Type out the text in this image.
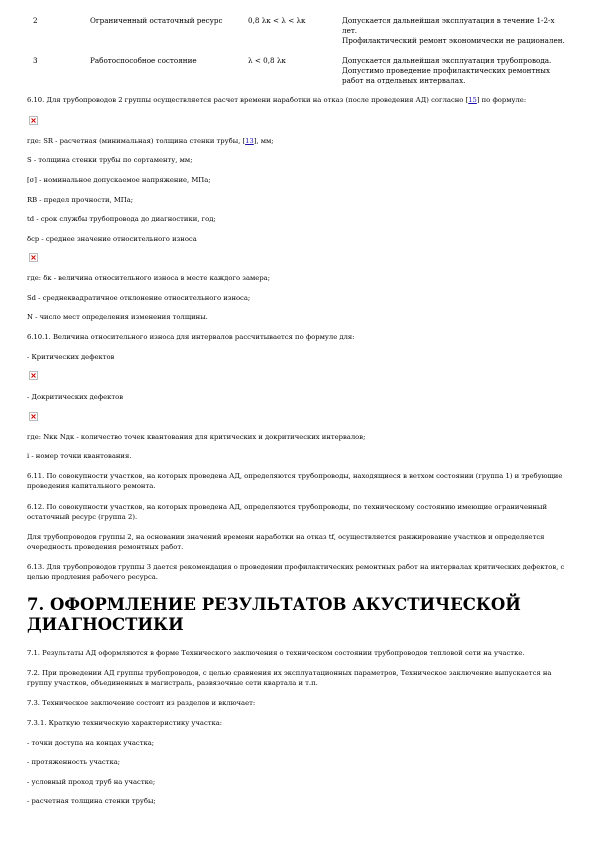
2	Ограниченный остаточный ресурс	0,8 λк < λ < λк	Допускается дальнейшая эксплуатация в течение 1-2-х
лет.
Профилактический ремонт экономически не рационален.

3	Работоспособное состояние	λ < 0,8 λк	Допускается дальнейшая эксплуатация трубопровода.
Допустимо проведение профилактических ремонтных
работ на отдельных интервалах.
6.10. Для трубопроводов 2 группы осуществляется расчет времени наработки на отказ (после проведения АД) согласно [15] по формуле:
где: SR - расчетная (минимальная) толщина стенки трубы, [13], мм;
S - толщина стенки трубы по сортаменту, мм;
[σ] - номинальное допускаемое напряжение, МПа;
RB - предел прочности, МПа;
td - срок службы трубопровода до диагностики, год;
δср - среднее значение относительного износа
где: δк - величина относительного износа в месте каждого замера;
Sd - среднеквадратичное отклонение относительного износа;
N - число мест определения изменения толщины.
6.10.1. Величина относительного износа для интервалов рассчитывается по формуле для:
- Критических дефектов
- Докритических дефектов
где: Nкк Nдк - количество точек квантования для критических и докритических интервалов;
i - номер точки квантования.
6.11. По совокупности участков, на которых проведена АД, определяются трубопроводы, находящиеся в ветхом состоянии (группа 1) и требующие проведения капитального ремонта.
6.12. По совокупности участков, на которых проведена АД, определяются трубопроводы, по техническому состоянию имеющие ограниченный остаточный ресурс (группа 2).
Для трубопроводов группы 2, на основании значений времени наработки на отказ tf, осуществляется ранжирование участков и определяется очередность проведения ремонтных работ.
6.13. Для трубопроводов группы 3 дается рекомендация о проведении профилактических ремонтных работ на интервалах критических дефектов, с целью продления рабочего ресурса.
7. ОФОРМЛЕНИЕ РЕЗУЛЬТАТОВ АКУСТИЧЕСКОЙ ДИАГНОСТИКИ
7.1. Результаты АД оформляются в форме Технического заключения о техническом состоянии трубопроводов тепловой сети на участке.
7.2. При проведении АД группы трубопроводов, с целью сравнения их эксплуатационных параметров, Техническое заключение выпускается на группу участков, объединенных в магистраль, развязочные сети квартала и т.п.
7.3. Техническое заключение состоит из разделов и включает:
7.3.1. Краткую техническую характеристику участка:
- точки доступа на концах участка;
- протяженность участка;
- условный проход труб на участке;
- расчетная толщина стенки трубы;
